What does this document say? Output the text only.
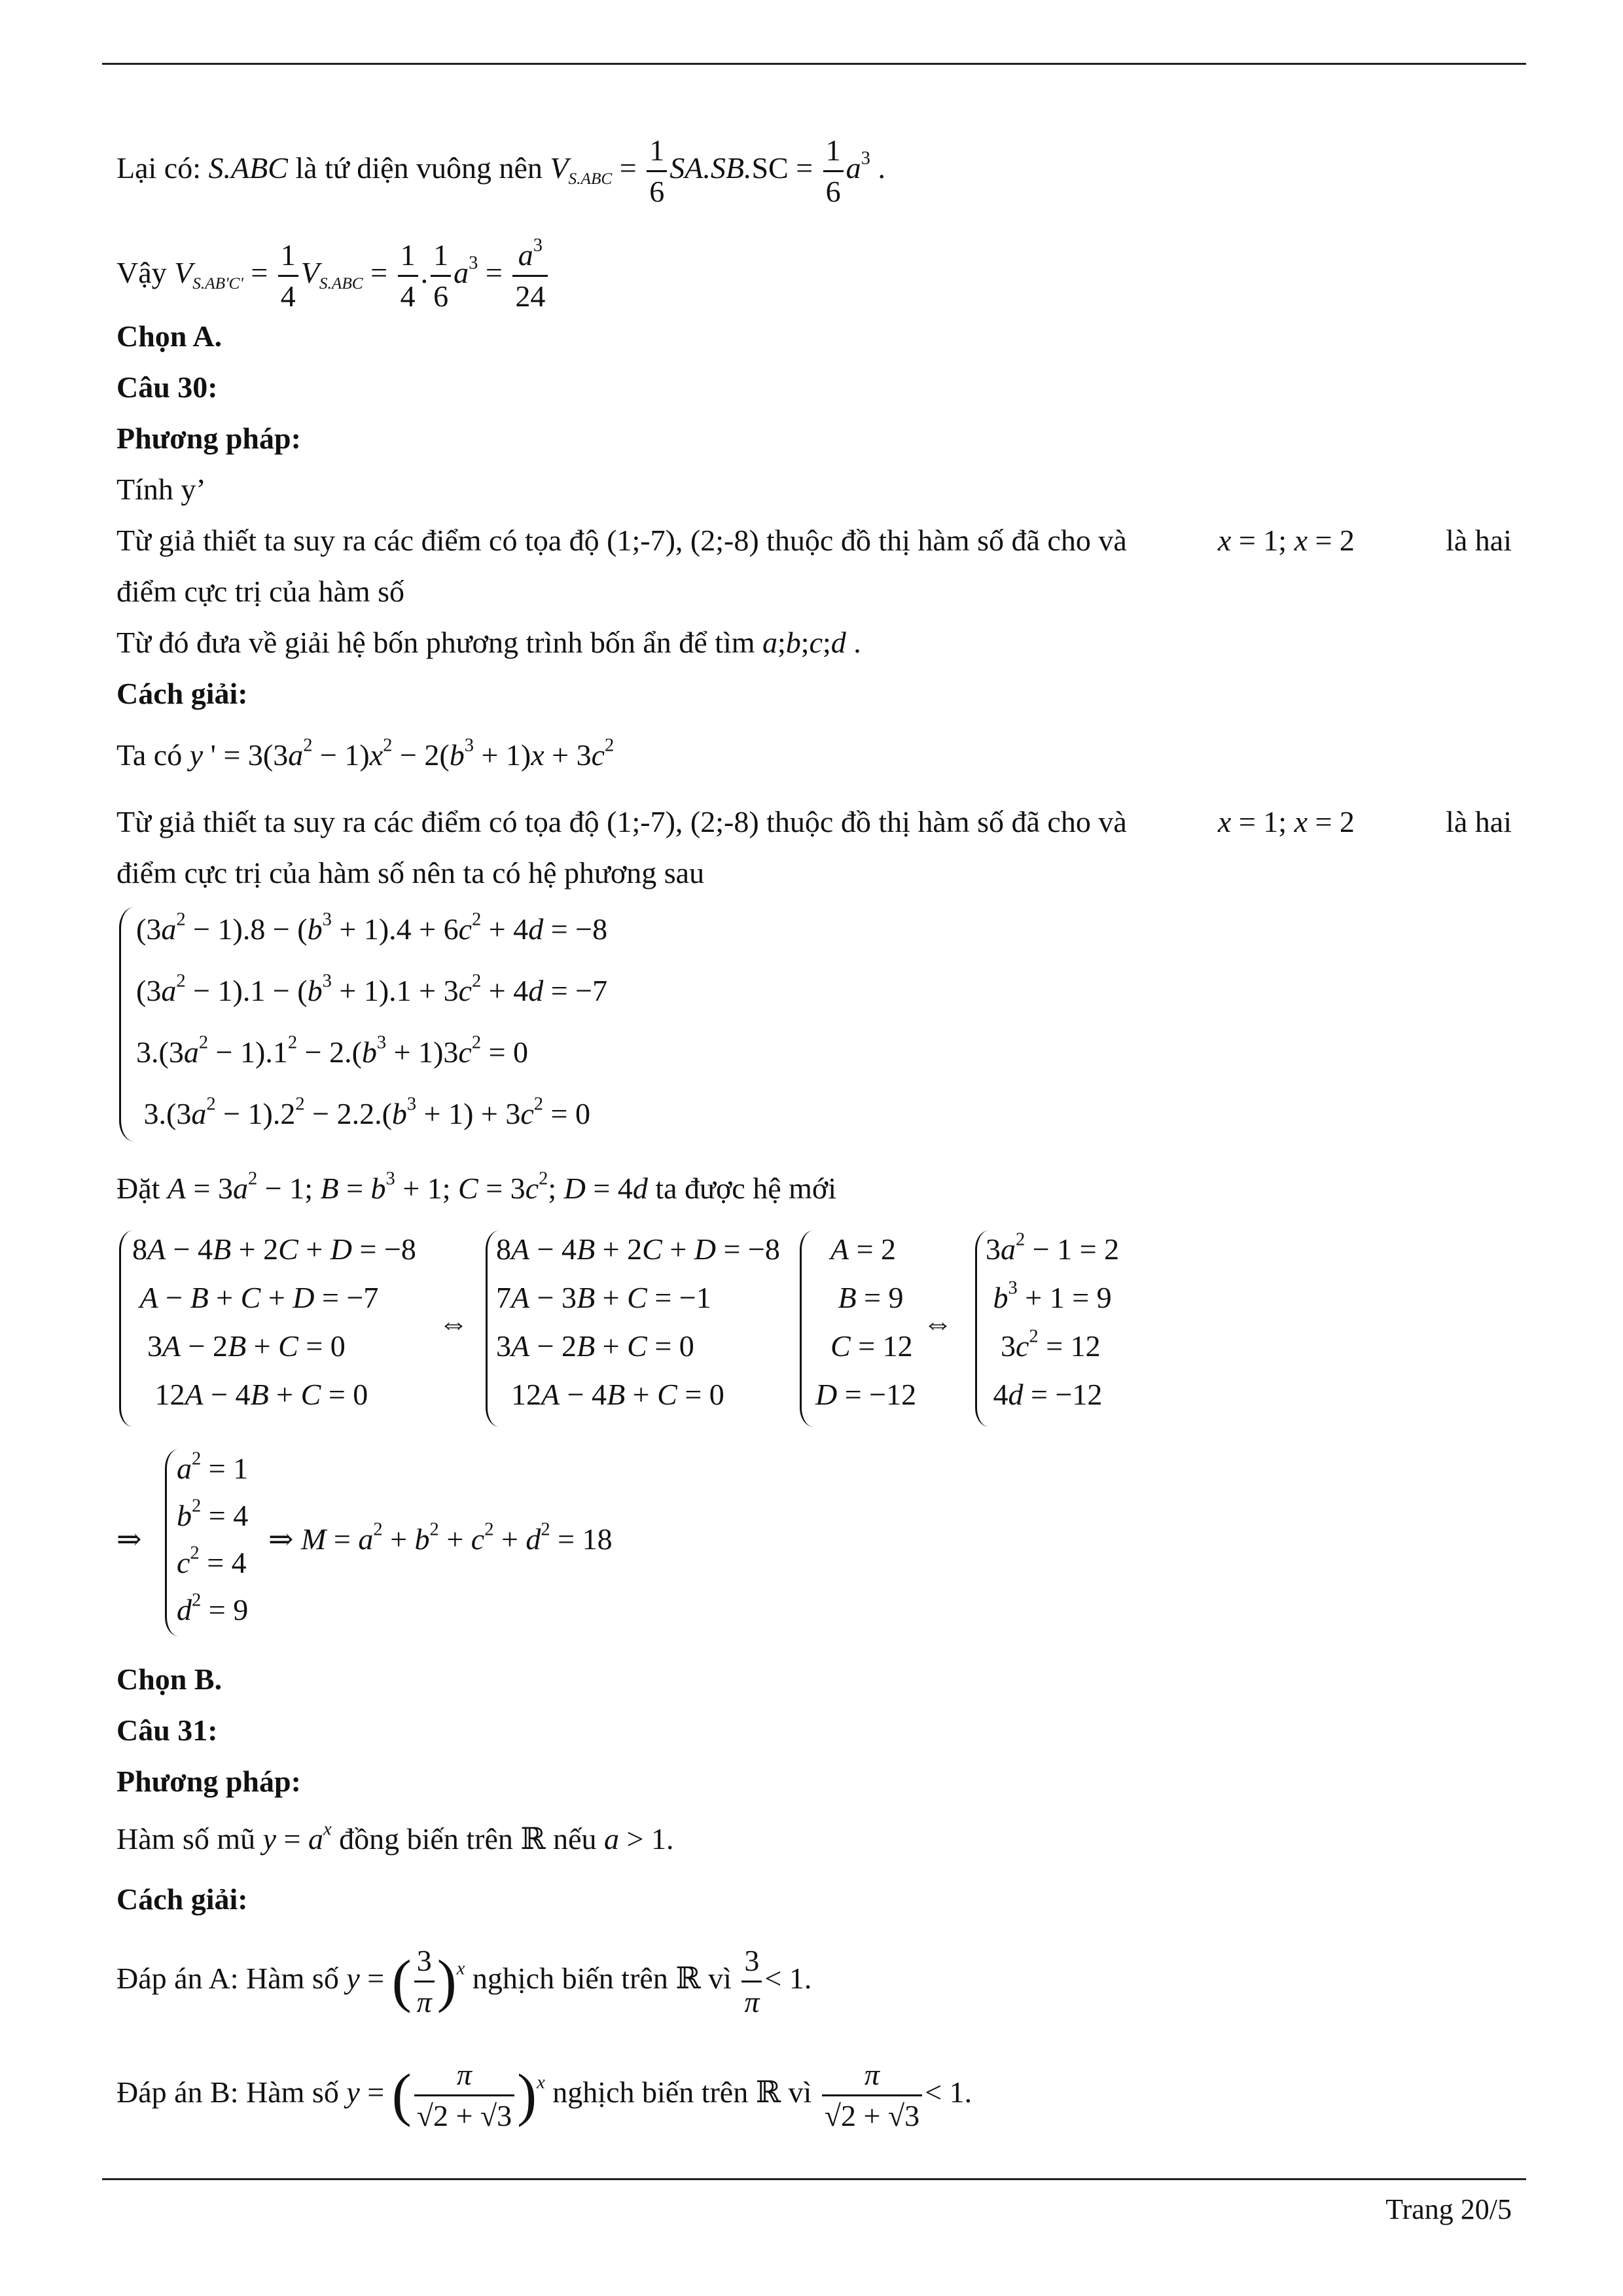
Lại có: S.ABC là tứ diện vuông nên $V_{S.ABC} = \frac{1}{6} SA.SB.SC = \frac{1}{6} a^3$ .
Vậy $V_{S.AB'C'} = \frac{1}{4} V_{S.ABC} = \frac{1}{4}$ . $\frac{1}{6} a^3 = \frac{a^3}{24}$
Chọn A.
Câu 30:
Phương pháp:
Tính y’
Từ giả thiết ta suy ra các điểm có tọa độ (1;-7), (2;-8) thuộc đồ thị hàm số đã cho và	x = 1; x = 2	là hai
điểm cực trị của hàm số
Từ đó đưa về giải hệ bốn phương trình bốn ẩn để tìm a;b;c;d .
Cách giải:
Ta có y ' = $3(3a^2 - 1)x^2 - 2(b^3 + 1)x + 3c^2$
Từ giả thiết ta suy ra các điểm có tọa độ (1;-7), (2;-8) thuộc đồ thị hàm số đã cho và	x = 1; x = 2	là hai
điểm cực trị của hàm số nên ta có hệ phương sau
$(3a^2 - 1).8 - (b^3 + 1).4 + 6c^2 + 4d = -8$
$(3a^2 - 1).1 - (b^3 + 1).1 + 3c^2 + 4d = -7$
$3.(3a^2 - 1).1^2 - 2.(b^3 + 1)3c^2 = 0$
$3.(3a^2 - 1).2^2 - 2.2.(b^3 + 1) + 3c^2 = 0$
Đặt $A = 3a^2 - 1$; $B = b^3 + 1$; $C = 3c^2$; D = 4d ta được hệ mới
8A − 4B + 2C + D = −8
A − B + C + D = −7
3A − 2B + C = 0
12A − 4B + C = 0
⇔
8A − 4B + 2C + D = −8
7A − 3B + C = −1
3A − 2B + C = 0
12A − 4B + C = 0
A = 2
B = 9
C = 12
D = −12
⇔
$3a^2 - 1 = 2$
$b^3 + 1 = 9$
$3c^2 = 12$
4d = −12
⇒
$a^2 = 1$
$b^2 = 4$
$c^2 = 4$
$d^2 = 9$
⇒ $M = a^2 + b^2 + c^2 + d^2 = 18$
Chọn B.
Câu 31:
Phương pháp:
Hàm số mũ $y = a^x$ đồng biến trên ℝ nếu a > 1.
Cách giải:
Đáp án A: Hàm số y = ( $\frac{3}{\pi} )^x$ nghịch biến trên ℝ vì $\frac{3}{\pi} < 1$.
Đáp án B: Hàm số y = ( $\frac{\pi}{√2 + √3} )^x$ nghịch biến trên ℝ vì $\frac{\pi}{√2 + √3} < 1$.
Trang 20/5
